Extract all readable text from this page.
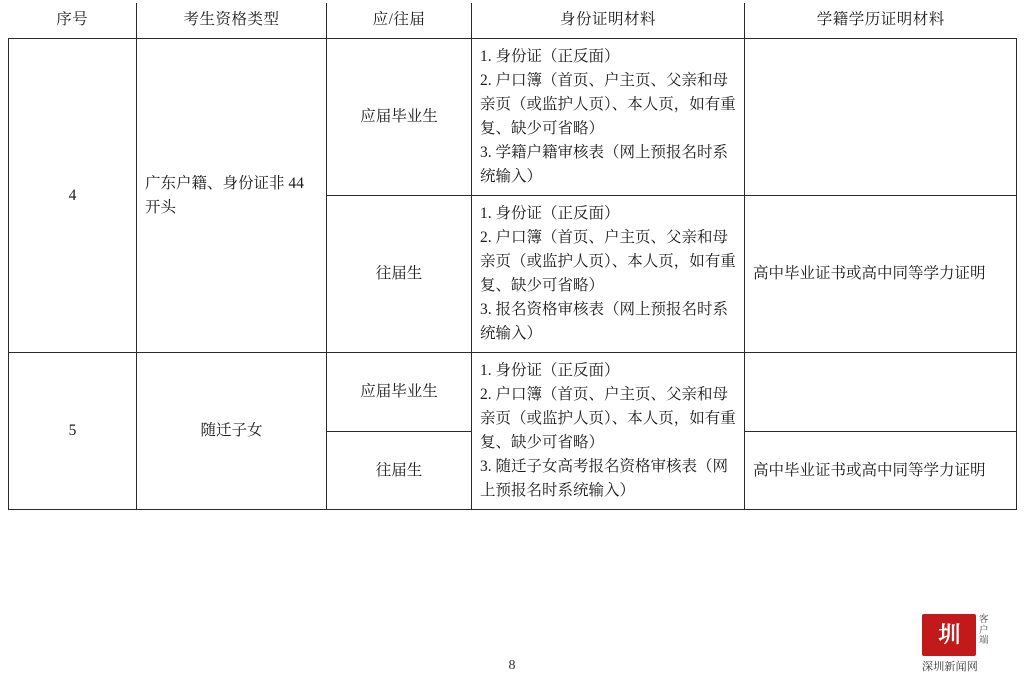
序号	考生资格类型	应/往届	身份证明材料	学籍学历证明材料
4	广东户籍、身份证非 44 开头	应届毕业生	1. 身份证（正反面）
2. 户口簿（首页、户主页、父亲和母亲页（或监护人页）、本人页，如有重复、缺少可省略）
3. 学籍户籍审核表（网上预报名时系统输入）	

		往届生	1. 身份证（正反面）
2. 户口簿（首页、户主页、父亲和母亲页（或监护人页）、本人页，如有重复、缺少可省略）
3. 报名资格审核表（网上预报名时系统输入）	高中毕业证书或高中同等学力证明
5	随迁子女	应届毕业生	1. 身份证（正反面）
2. 户口簿（首页、户主页、父亲和母亲页（或监护人页）、本人页，如有重复、缺少可省略）
3. 随迁子女高考报名资格审核表（网上预报名时系统输入）	

		往届生		高中毕业证书或高中同等学力证明
8
圳
客户端
深圳新闻网
